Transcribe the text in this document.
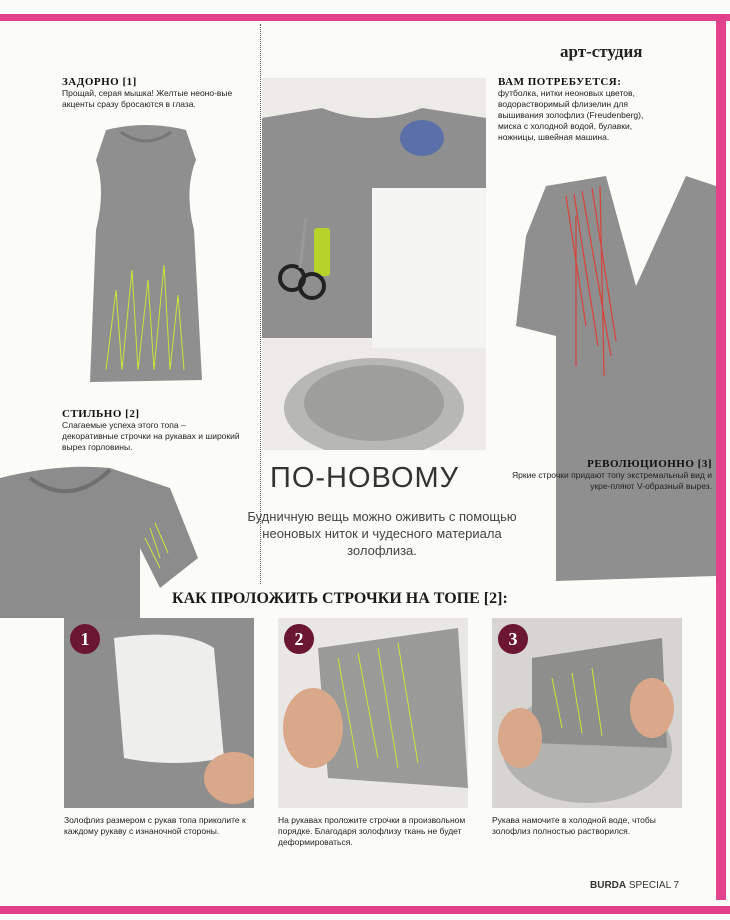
арт-студия
ЗАДОРНО [1]
Прощай, серая мышка! Желтые неоно-вые акценты сразу бросаются в глаза.
СТИЛЬНО [2]
Слагаемые успеха этого топа – декоративные строчки на рукавах и широкий вырез горловины.
ВАМ ПОТРЕБУЕТСЯ:
футболка, нитки неоновых цветов, водорастворимый флизелин для вышивания золофлиз (Freudenberg), миска с холодной водой, булавки, ножницы, швейная машина.
РЕВОЛЮЦИОННО [3]
Яркие строчки придают топу экстремальный вид и укре-пляют V-образный вырез.
ПО-НОВОМУ
Будничную вещь можно оживить с помощью неоновых ниток и чудесного материала золофлиза.
КАК ПРОЛОЖИТЬ СТРОЧКИ НА ТОПЕ [2]:
1	2	3
Золофлиз размером с рукав топа приколите к каждому рукаву с изнаночной стороны.
На рукавах проложите строчки в произвольном порядке. Благодаря золофлизу ткань не будет деформироваться.
Рукава намочите в холодной воде, чтобы золофлиз полностью растворился.
BURDA SPECIAL 7
